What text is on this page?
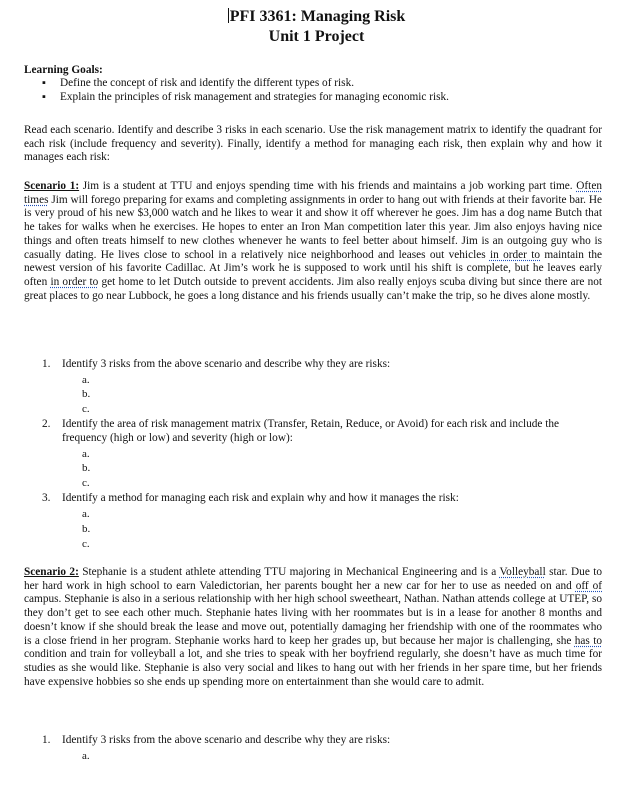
PFI 3361: Managing Risk
Unit 1 Project
Learning Goals:
▪ Define the concept of risk and identify the different types of risk.
▪ Explain the principles of risk management and strategies for managing economic risk.
Read each scenario. Identify and describe 3 risks in each scenario. Use the risk management matrix to identify the quadrant for each risk (include frequency and severity). Finally, identify a method for managing each risk, then explain why and how it manages each risk:
Scenario 1: Jim is a student at TTU and enjoys spending time with his friends and maintains a job working part time. Often times Jim will forego preparing for exams and completing assignments in order to hang out with friends at their favorite bar. He is very proud of his new $3,000 watch and he likes to wear it and show it off wherever he goes. Jim has a dog name Butch that he takes for walks when he exercises. He hopes to enter an Iron Man competition later this year. Jim also enjoys having nice things and often treats himself to new clothes whenever he wants to feel better about himself. Jim is an outgoing guy who is casually dating. He lives close to school in a relatively nice neighborhood and leases out vehicles in order to maintain the newest version of his favorite Cadillac. At Jim’s work he is supposed to work until his shift is complete, but he leaves early often in order to get home to let Dutch outside to prevent accidents. Jim also really enjoys scuba diving but since there are not great places to go near Lubbock, he goes a long distance and his friends usually can’t make the trip, so he dives alone mostly.
1.	Identify 3 risks from the above scenario and describe why they are risks:
a.
b.
c.
2.	Identify the area of risk management matrix (Transfer, Retain, Reduce, or Avoid) for each risk and include the frequency (high or low) and severity (high or low):
a.
b.
c.
3.	Identify a method for managing each risk and explain why and how it manages the risk:
a.
b.
c.
Scenario 2: Stephanie is a student athlete attending TTU majoring in Mechanical Engineering and is a Volleyball star. Due to her hard work in high school to earn Valedictorian, her parents bought her a new car for her to use as needed on and off of campus. Stephanie is also in a serious relationship with her high school sweetheart, Nathan. Nathan attends college at UTEP, so they don’t get to see each other much. Stephanie hates living with her roommates but is in a lease for another 8 months and doesn’t know if she should break the lease and move out, potentially damaging her friendship with one of the roommates who is a close friend in her program. Stephanie works hard to keep her grades up, but because her major is challenging, she has to condition and train for volleyball a lot, and she tries to speak with her boyfriend regularly, she doesn’t have as much time for studies as she would like. Stephanie is also very social and likes to hang out with her friends in her spare time, but her friends have expensive hobbies so she ends up spending more on entertainment than she would care to admit.
1.	Identify 3 risks from the above scenario and describe why they are risks:
a.
